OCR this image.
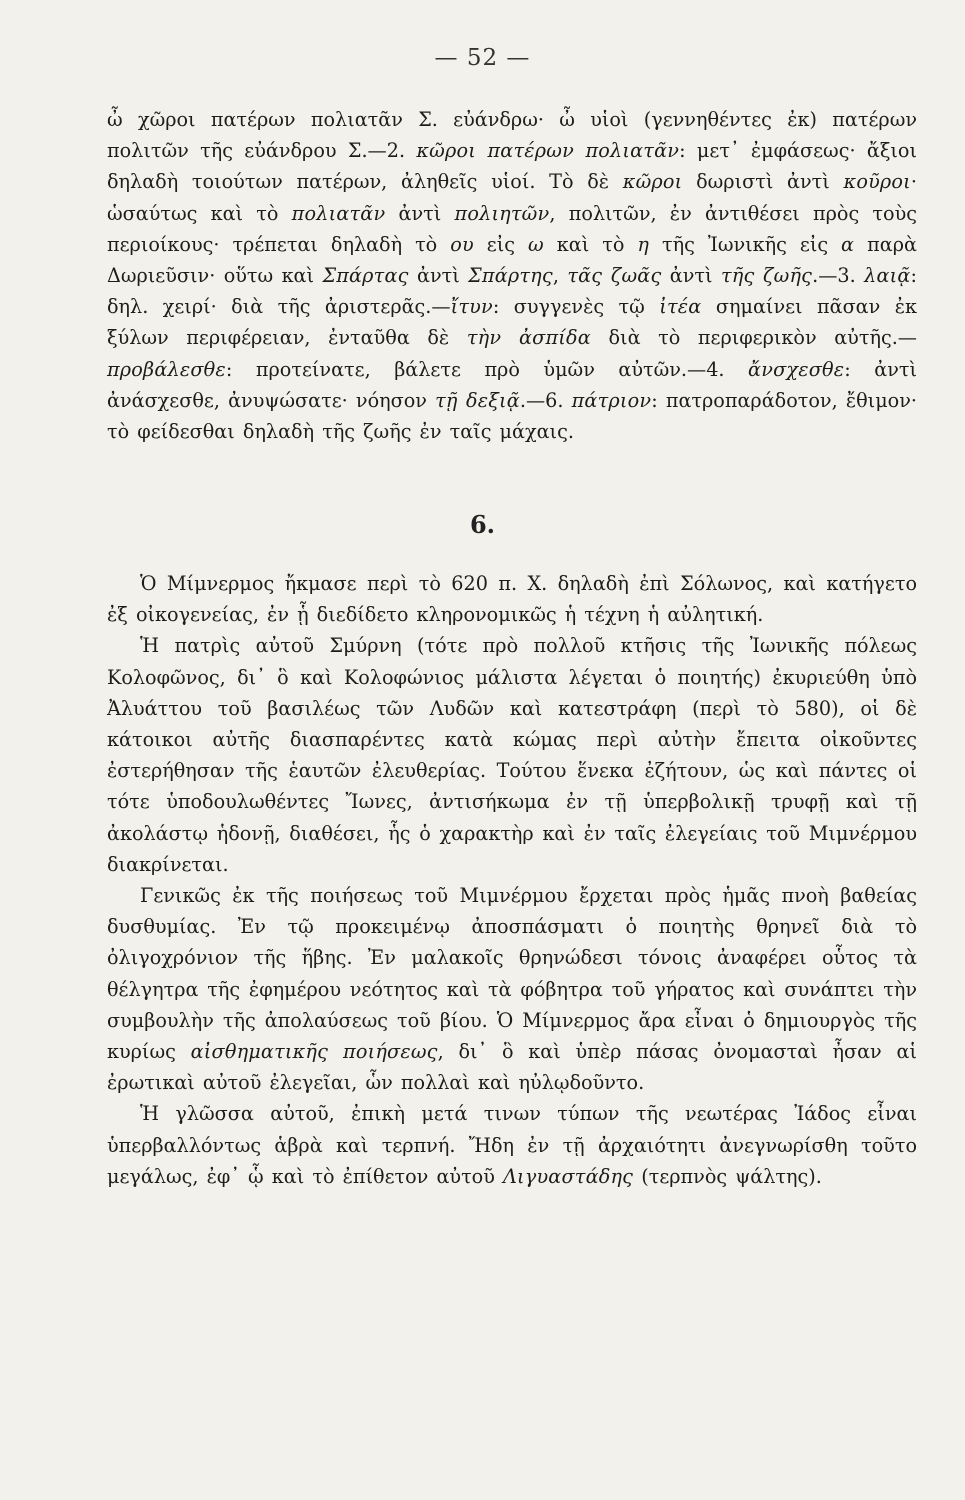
— 52 —

ὦ χῶροι πατέρων πολιατᾶν Σ. εὐάνδρω· ὦ υἱοὶ (γεννηθέντες ἐκ) πατέρων πολιτῶν τῆς εὐάνδρου Σ.—2. κῶροι πατέρων πολιατᾶν: μετ᾽ ἐμφάσεως· ἄξιοι δηλαδὴ τοιούτων πατέρων, ἀληθεῖς υἱοί. Τὸ δὲ κῶροι δωριστὶ ἀντὶ κοῦροι· ὡσαύτως καὶ τὸ πολιατᾶν ἀντὶ πολιητῶν, πολιτῶν, ἐν ἀντιθέσει πρὸς τοὺς περιοίκους· τρέπεται δηλαδὴ τὸ ου εἰς ω καὶ τὸ η τῆς Ἰωνικῆς εἰς α παρὰ Δωριεῦσιν· οὕτω καὶ Σπάρτας ἀντὶ Σπάρτης, τᾶς ζωᾶς ἀντὶ τῆς ζωῆς.—3. λαιᾷ: δηλ. χειρί· διὰ τῆς ἀριστερᾶς.—ἴτυν: συγγενὲς τῷ ἰτέα σημαίνει πᾶσαν ἐκ ξύλων περιφέρειαν, ἐνταῦθα δὲ τὴν ἀσπίδα διὰ τὸ περιφερικὸν αὐτῆς.—προβάλεσθε: προτείνατε, βάλετε πρὸ ὑμῶν αὐτῶν.—4. ἄνσχεσθε: ἀντὶ ἀνάσχεσθε, ἀνυψώσατε· νόησον τῇ δεξιᾷ.—6. πάτριον: πατροπαράδοτον, ἔθιμον· τὸ φείδεσθαι δηλαδὴ τῆς ζωῆς ἐν ταῖς μάχαις.

6.

Ὁ Μίμνερμος ἤκμασε περὶ τὸ 620 π. Χ. δηλαδὴ ἐπὶ Σόλωνος, καὶ κατήγετο ἐξ οἰκογενείας, ἐν ᾗ διεδίδετο κληρονομικῶς ἡ τέχνη ἡ αὐλητική.

Ἡ πατρὶς αὐτοῦ Σμύρνη (τότε πρὸ πολλοῦ κτῆσις τῆς Ἰωνικῆς πόλεως Κολοφῶνος, δι᾽ ὃ καὶ Κολοφώνιος μάλιστα λέγεται ὁ ποιητής) ἐκυριεύθη ὑπὸ Ἀλυάττου τοῦ βασιλέως τῶν Λυδῶν καὶ κατεστράφη (περὶ τὸ 580), οἱ δὲ κάτοικοι αὐτῆς διασπαρέντες κατὰ κώμας περὶ αὐτὴν ἔπειτα οἰκοῦντες ἐστερήθησαν τῆς ἑαυτῶν ἐλευθερίας. Τούτου ἕνεκα ἐζήτουν, ὡς καὶ πάντες οἱ τότε ὑποδουλωθέντες Ἴωνες, ἀντισήκωμα ἐν τῇ ὑπερβολικῇ τρυφῇ καὶ τῇ ἀκολάστῳ ἡδονῇ, διαθέσει, ἧς ὁ χαρακτὴρ καὶ ἐν ταῖς ἐλεγείαις τοῦ Μιμνέρμου διακρίνεται.

Γενικῶς ἐκ τῆς ποιήσεως τοῦ Μιμνέρμου ἔρχεται πρὸς ἡμᾶς πνοὴ βαθείας δυσθυμίας. Ἐν τῷ προκειμένῳ ἀποσπάσματι ὁ ποιητὴς θρηνεῖ διὰ τὸ ὀλιγοχρόνιον τῆς ἥβης. Ἐν μαλακοῖς θρηνώδεσι τόνοις ἀναφέρει οὗτος τὰ θέλγητρα τῆς ἐφημέρου νεότητος καὶ τὰ φόβητρα τοῦ γήρατος καὶ συνάπτει τὴν συμβουλὴν τῆς ἀπολαύσεως τοῦ βίου. Ὁ Μίμνερμος ἄρα εἶναι ὁ δημιουργὸς τῆς κυρίως αἰσθηματικῆς ποιήσεως, δι᾽ ὃ καὶ ὑπὲρ πάσας ὀνομασταὶ ἦσαν αἱ ἐρωτικαὶ αὐτοῦ ἐλεγεῖαι, ὧν πολλαὶ καὶ ηὐλῳδοῦντο.

Ἡ γλῶσσα αὐτοῦ, ἐπικὴ μετά τινων τύπων τῆς νεωτέρας Ἰάδος εἶναι ὑπερβαλλόντως ἁβρὰ καὶ τερπνή. Ἤδη ἐν τῇ ἀρχαιότητι ἀνεγνωρίσθη τοῦτο μεγάλως, ἐφ᾽ ᾧ καὶ τὸ ἐπίθετον αὐτοῦ Λιγυαστάδης (τερπνὸς ψάλτης).
